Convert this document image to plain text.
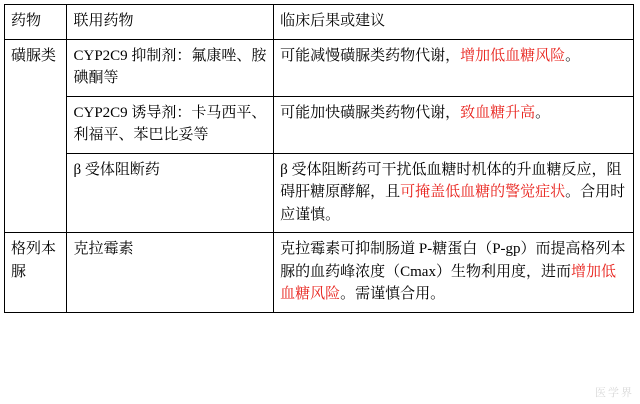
药物	联用药物	临床后果或建议
磺脲类	CYP2C9 抑制剂：氟康唑、胺碘酮等	可能减慢磺脲类药物代谢，增加低血糖风险。

	CYP2C9 诱导剂：卡马西平、利福平、苯巴比妥等	可能加快磺脲类药物代谢，致血糖升高。

	β 受体阻断药	β 受体阻断药可干扰低血糖时机体的升血糖反应，阻碍肝糖原酵解，且可掩盖低血糖的警觉症状。合用时应谨慎。

格列本脲	克拉霉素	克拉霉素可抑制肠道 P-糖蛋白（P-gp）而提高格列本脲的血药峰浓度（Cmax）生物利用度，进而增加低血糖风险。需谨慎合用。
医学界
